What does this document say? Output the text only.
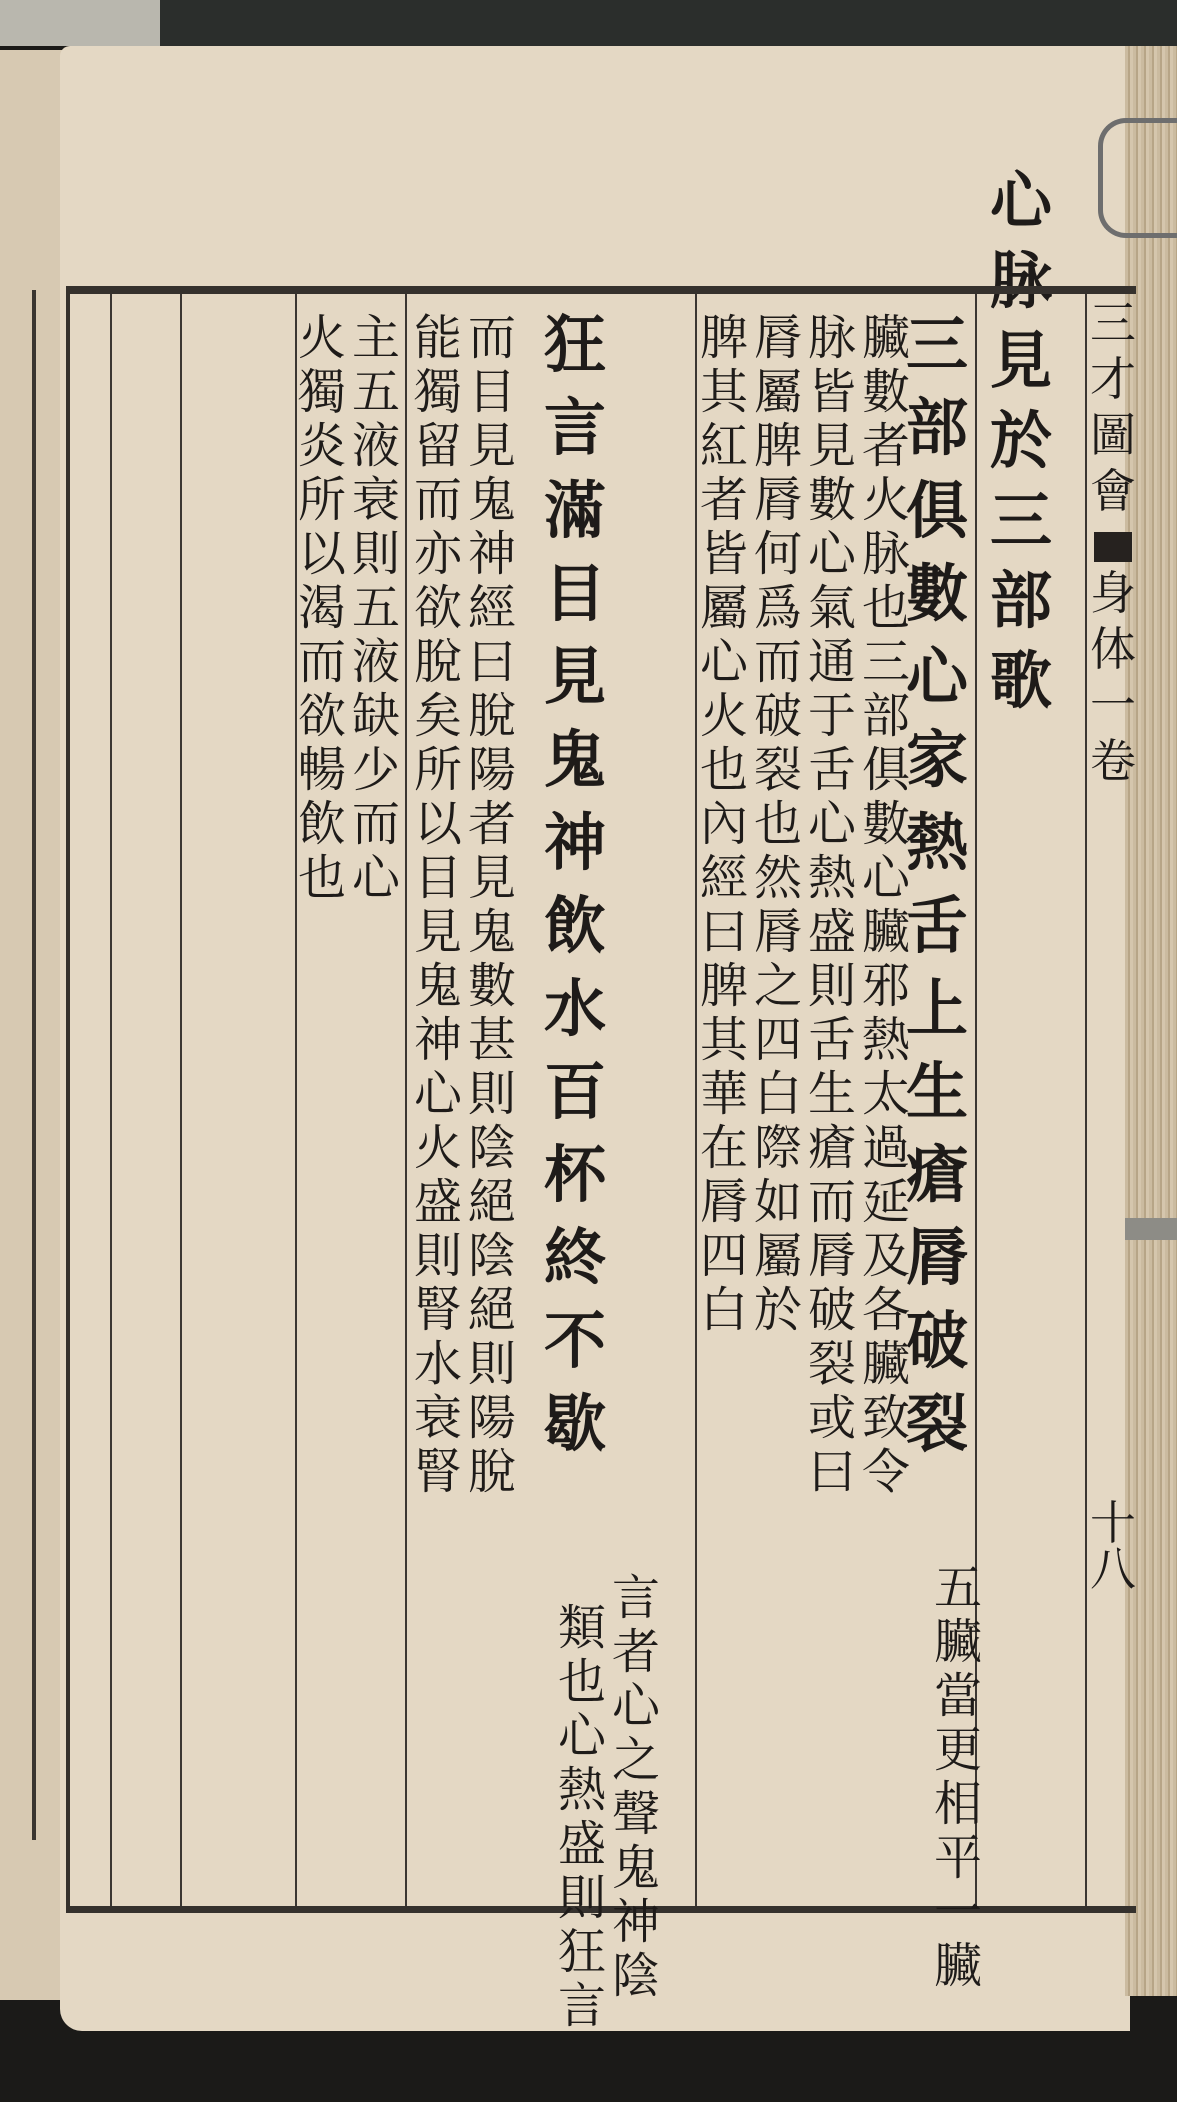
心
脉
見
於
三
部
歌
三
才
圖
會
身
体
一
卷
十
八
三
部
俱
數
心
家
熱
舌
上
生
瘡
脣
破
裂
五
臟
當
更
相
平
一
臟
臟
數
者
火
脉
也
三
部
俱
數
心
臟
邪
熱
太
過
延
及
各
臟
致
令
脉
皆
見
數
心
氣
通
于
舌
心
熱
盛
則
舌
生
瘡
而
脣
破
裂
或
曰
脣
屬
脾
脣
何
爲
而
破
裂
也
然
脣
之
四
白
際
如
屬
於
脾
其
紅
者
皆
屬
心
火
也
內
經
曰
脾
其
華
在
脣
四
白
狂
言
滿
目
見
鬼
神
飲
水
百
杯
終
不
歇
言
者
心
之
聲
鬼
神
陰
類
也
心
熱
盛
則
狂
言
而
目
見
鬼
神
經
曰
脫
陽
者
見
鬼
數
甚
則
陰
絕
陰
絕
則
陽
脫
能
獨
留
而
亦
欲
脫
矣
所
以
目
見
鬼
神
心
火
盛
則
腎
水
衰
腎
主
五
液
衰
則
五
液
缺
少
而
心
火
獨
炎
所
以
渴
而
欲
暢
飲
也
